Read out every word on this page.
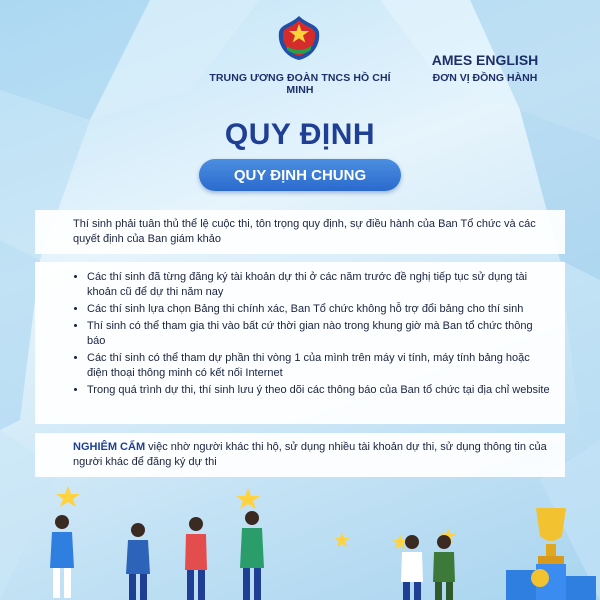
TRUNG ƯƠNG ĐOÀN TNCS HỒ CHÍ MINH
AMES ENGLISH
ĐƠN VỊ ĐỒNG HÀNH
QUY ĐỊNH
QUY ĐỊNH CHUNG
Thí sinh phải tuân thủ thể lệ cuộc thi, tôn trọng quy định, sự điều hành của Ban Tổ chức và các quyết định của Ban giám khảo
• Các thí sinh đã từng đăng ký tài khoản dự thi ở các năm trước đề nghị tiếp tục sử dụng tài khoản cũ để dự thi năm nay
• Các thí sinh lựa chọn Bảng thi chính xác, Ban Tổ chức không hỗ trợ đổi bảng cho thí sinh
• Thí sinh có thể tham gia thi vào bất cứ thời gian nào trong khung giờ mà Ban tổ chức thông báo
• Các thí sinh có thể tham dự phần thi vòng 1 của mình trên máy vi tính, máy tính bảng hoặc điện thoại thông minh có kết nối Internet
• Trong quá trình dự thi, thí sinh lưu ý theo dõi các thông báo của Ban tổ chức tại địa chỉ website
NGHIÊM CẤM việc nhờ người khác thi hộ, sử dụng nhiều tài khoản dự thi, sử dụng thông tin của người khác để đăng ký dự thi
